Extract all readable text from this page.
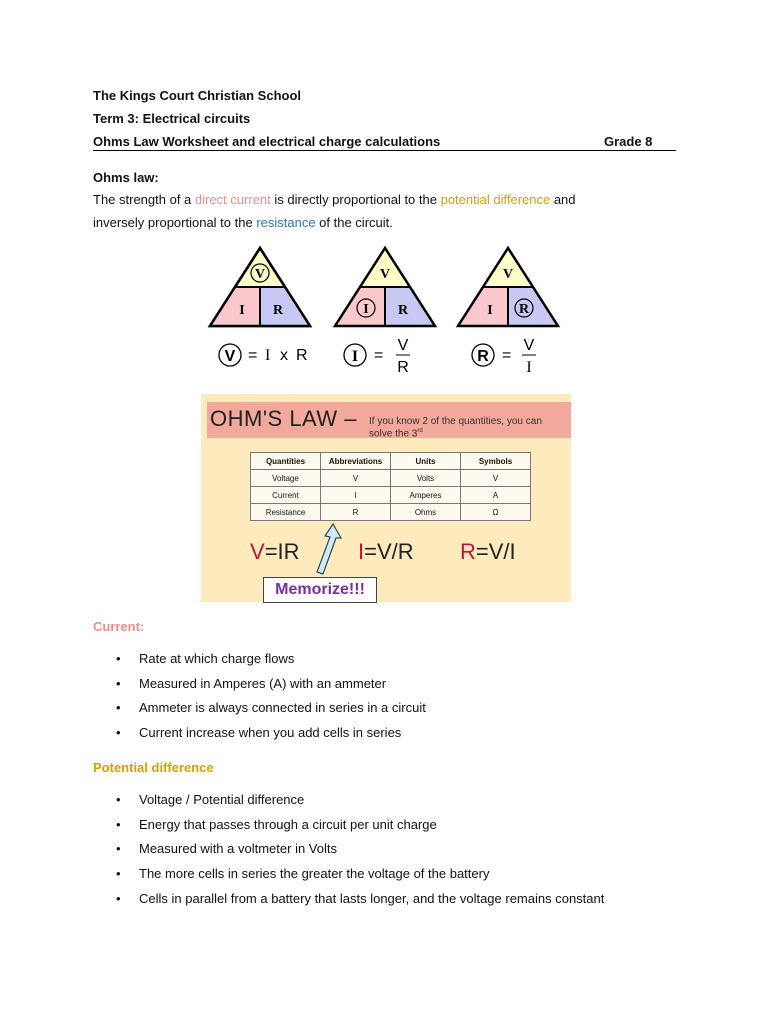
The Kings Court Christian School
Term 3: Electrical circuits
Ohms Law Worksheet and electrical charge calculations	Grade 8
Ohms law:
The strength of a direct current is directly proportional to the potential difference and
inversely proportional to the resistance of the circuit.
V
I R
V
I R
V
I R
V = I x R	I =
V
R
R =
V
I
OHM'S LAW – If you know 2 of the quantities, you can
solve the 3rd
Quantities	Abbreviations	Units	Symbols
Voltage	V	Volts	V
Current	I	Amperes	A
Resistance	R	Ohms	Ω
V=IR	I=V/R R=V/I
Memorize!!!
Current:
• Rate at which charge flows
• Measured in Amperes (A) with an ammeter
• Ammeter is always connected in series in a circuit
• Current increase when you add cells in series
Potential difference
• Voltage / Potential difference
• Energy that passes through a circuit per unit charge
• Measured with a voltmeter in Volts
• The more cells in series the greater the voltage of the battery
• Cells in parallel from a battery that lasts longer, and the voltage remains constant
